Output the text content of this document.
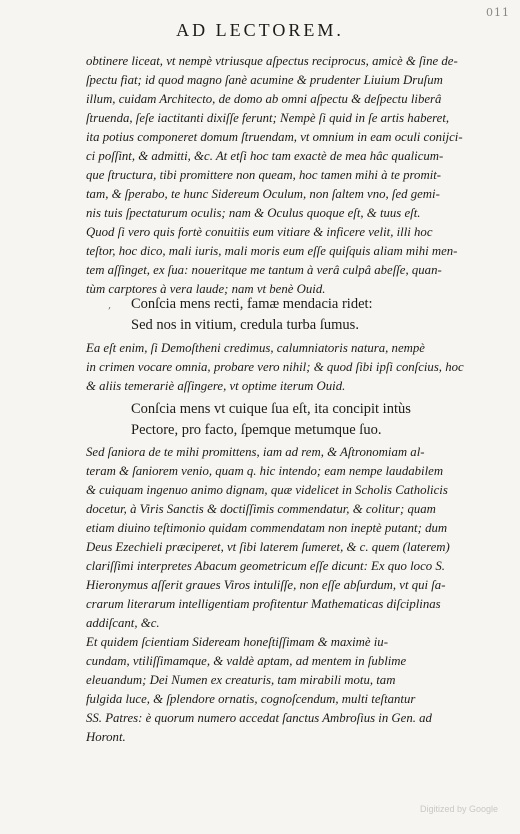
011
AD LECTOREM.
obtinere liceat, vt nempè vtriusque aſpectus reciprocus, amicè & ſine de-
ſpectu fiat; id quod magno ſanè acumine & prudenter Liuium Druſum
illum, cuidam Architecto, de domo ab omni aſpectu & deſpectu liberâ
ſtruenda, ſeſe iactitanti dixiſſe ferunt; Nempè ſi quid in ſe artis haberet,
ita potius componeret domum ſtruendam, vt omnium in eam oculi conijci-
ci poſſint, & admitti, &c. At etſi hoc tam exactè de mea hâc qualicum-
que ſtructura, tibi promittere non queam, hoc tamen mihi à te promit-
tam, & ſperabo, te hunc Sidereum Oculum, non ſaltem vno, ſed gemi-
nis tuis ſpectaturum oculis; nam & Oculus quoque eſt, & tuus eſt.
Quod ſi vero quis fortè conuitiis eum vitiare & inficere velit, illi hoc
teſtor, hoc dico, mali iuris, mali moris eum eſſe quiſquis aliam mihi men-
tem aſſinget, ex ſua: noueritque me tantum à verâ culpâ abeſſe, quan-
tùm carptores à vera laude; nam vt benè Ouid.
, Conſcia mens recti, famæ mendacia ridet:
Sed nos in vitium, credula turba ſumus.
Ea eſt enim, ſi Demoſtheni credimus, calumniatoris natura, nempè
in crimen vocare omnia, probare vero nihil; & quod ſibi ipſi conſcius, hoc
& aliis temerariè aſſingere, vt optime iterum Ouid.
Conſcia mens vt cuique ſua eſt, ita concipit intùs
Pectore, pro facto, ſpemque metumque ſuo.
Sed ſaniora de te mihi promittens, iam ad rem, & Aſtronomiam al-
teram & ſaniorem venio, quam q. hic intendo; eam nempe laudabilem
& cuiquam ingenuo animo dignam, quæ videlicet in Scholis Catholicis
docetur, à Viris Sanctis & doctiſſimis commendatur, & colitur; quam
etiam diuino teſtimonio quidam commendatam non ineptè putant; dum
Deus Ezechieli præciperet, vt ſibi laterem ſumeret, & c. quem (laterem)
clariſſimi interpretes Abacum geometricum eſſe dicunt: Ex quo loco S.
Hieronymus aſſerit graues Viros intuliſſe, non eſſe abſurdum, vt qui ſa-
crarum literarum intelligentiam profitentur Mathematicas diſciplinas
addiſcant, &c.
Et quidem ſcientiam Sideream honeſtiſſimam & maximè iu-
cundam, vtiliſſimamque, & valdè aptam, ad mentem in ſublime
eleuandum; Dei Numen ex creaturis, tam mirabili motu, tam
fulgida luce, & ſplendore ornatis, cognoſcendum, multi teſtantur
SS. Patres: è quorum numero accedat ſanctus Ambroſius in Gen. ad
Horont.
Digitized by Google
